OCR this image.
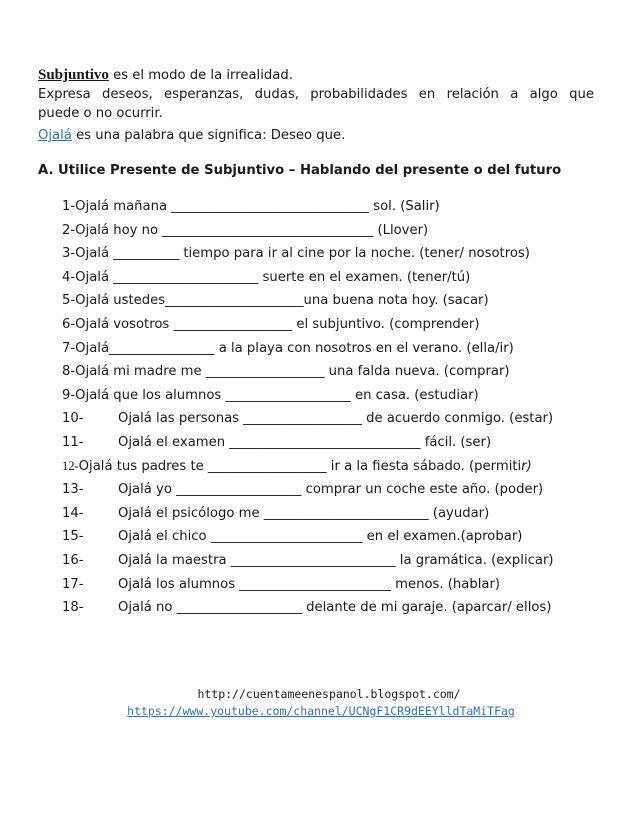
Subjuntivo es el modo de la irrealidad.
Expresa deseos, esperanzas, dudas, probabilidades en relación a algo que
puede o no ocurrir.
Ojalá es una palabra que significa: Deseo que.
A. Utilice Presente de Subjuntivo – Hablando del presente o del futuro
1-Ojalá mañana ______________________________ sol. (Salir)
2-Ojalá hoy no ________________________________ (Llover)
3-Ojalá __________ tiempo para ir al cine por la noche. (tener/ nosotros)
4-Ojalá ______________________ suerte en el examen. (tener/tú)
5-Ojalá ustedes_____________________una buena nota hoy. (sacar)
6-Ojalá vosotros __________________ el subjuntivo. (comprender)
7-Ojalá________________ a la playa con nosotros en el verano. (ella/ir)
8-Ojalá mi madre me __________________ una falda nueva. (comprar)
9-Ojalá que los alumnos ___________________ en casa. (estudiar)
10-	Ojalá las personas __________________ de acuerdo conmigo. (estar)
11-	Ojalá el examen _____________________________ fácil. (ser)
12-Ojalá tus padres te __________________ ir a la fiesta sábado. (permitir)
13-	Ojalá yo ___________________ comprar un coche este año. (poder)
14-	Ojalá el psicólogo me _________________________ (ayudar)
15-	Ojalá el chico _______________________ en el examen.(aprobar)
16-	Ojalá la maestra _________________________ la gramática. (explicar)
17-	Ojalá los alumnos _______________________ menos. (hablar)
18-	Ojalá no ___________________ delante de mi garaje. (aparcar/ ellos)
http://cuentameenespanol.blogspot.com/
https://www.youtube.com/channel/UCNgF1CR9dEEYlldTaMiTFag
